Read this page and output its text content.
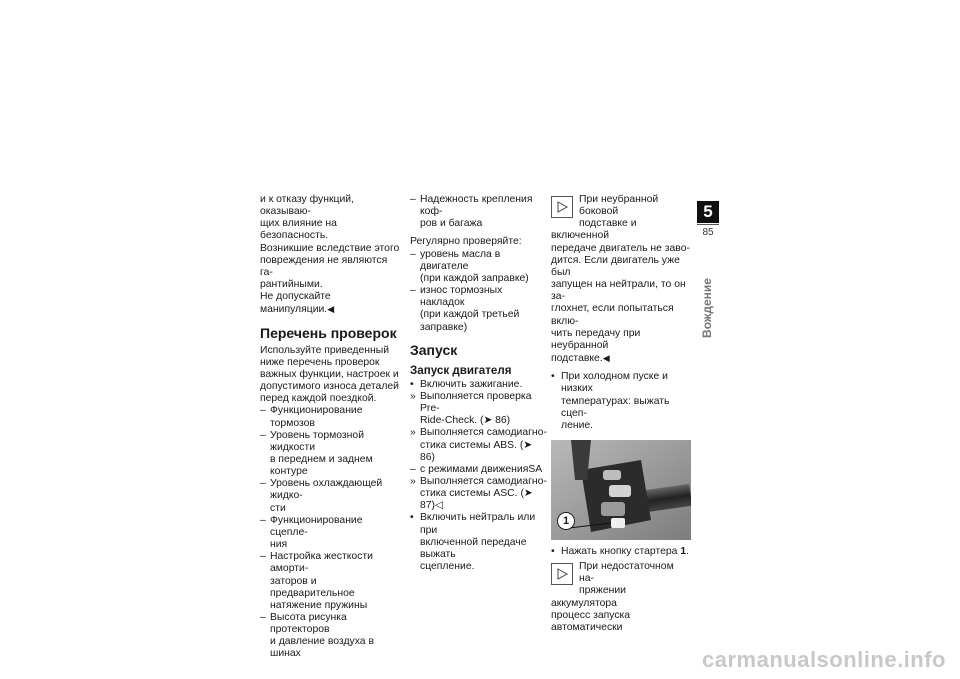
и к отказу функций, оказываю-

щих влияние на безопасность.

Возникшие вследствие этого

повреждения не являются га-

рантийными.

Не допускайте манипуляции.◀

Перечень проверок

Используйте приведенный

ниже перечень проверок

важных функции, настроек и

допустимого износа деталей

перед каждой поездкой.

– Функционирование тормозов
– Уровень тормозной жидкости
в переднем и заднем контуре
– Уровень охлаждающей жидко-
сти
– Функционирование сцепле-
ния
– Настройка жесткости аморти-
заторов и предварительное
натяжение пружины
– Высота рисунка протекторов
и давление воздуха в шинах
– Надежность крепления коф-
ров и багажа

Регулярно проверяйте:

– уровень масла в двигателе
(при каждой заправке)
– износ тормозных накладок
(при каждой третьей
заправке)
Запуск
Запуск двигателя
• Включить зажигание.
» Выполняется проверка Pre-
Ride-Check. (➤ 86)
» Выполняется самодиагно-
стика системы ABS. (➤ 86)
– с режимами движенияSA
» Выполняется самодиагно-
стика системы ASC. (➤ 87)◁
• Включить нейтраль или при
включенной передаче выжать
сцепление.
При неубранной боковой
подставке и включенной
передаче двигатель не заво-
дится. Если двигатель уже был
запущен на нейтрали, то он за-
глохнет, если попытаться вклю-
чить передачу при неубранной
подставке.◀
• При холодном пуске и низких
температурах: выжать сцеп-
ление.
1
• Нажать кнопку стартера 1.
При недостаточном на-
пряжении аккумулятора
процесс запуска автоматически
5
85
Вождение
carmanualsonline.info
